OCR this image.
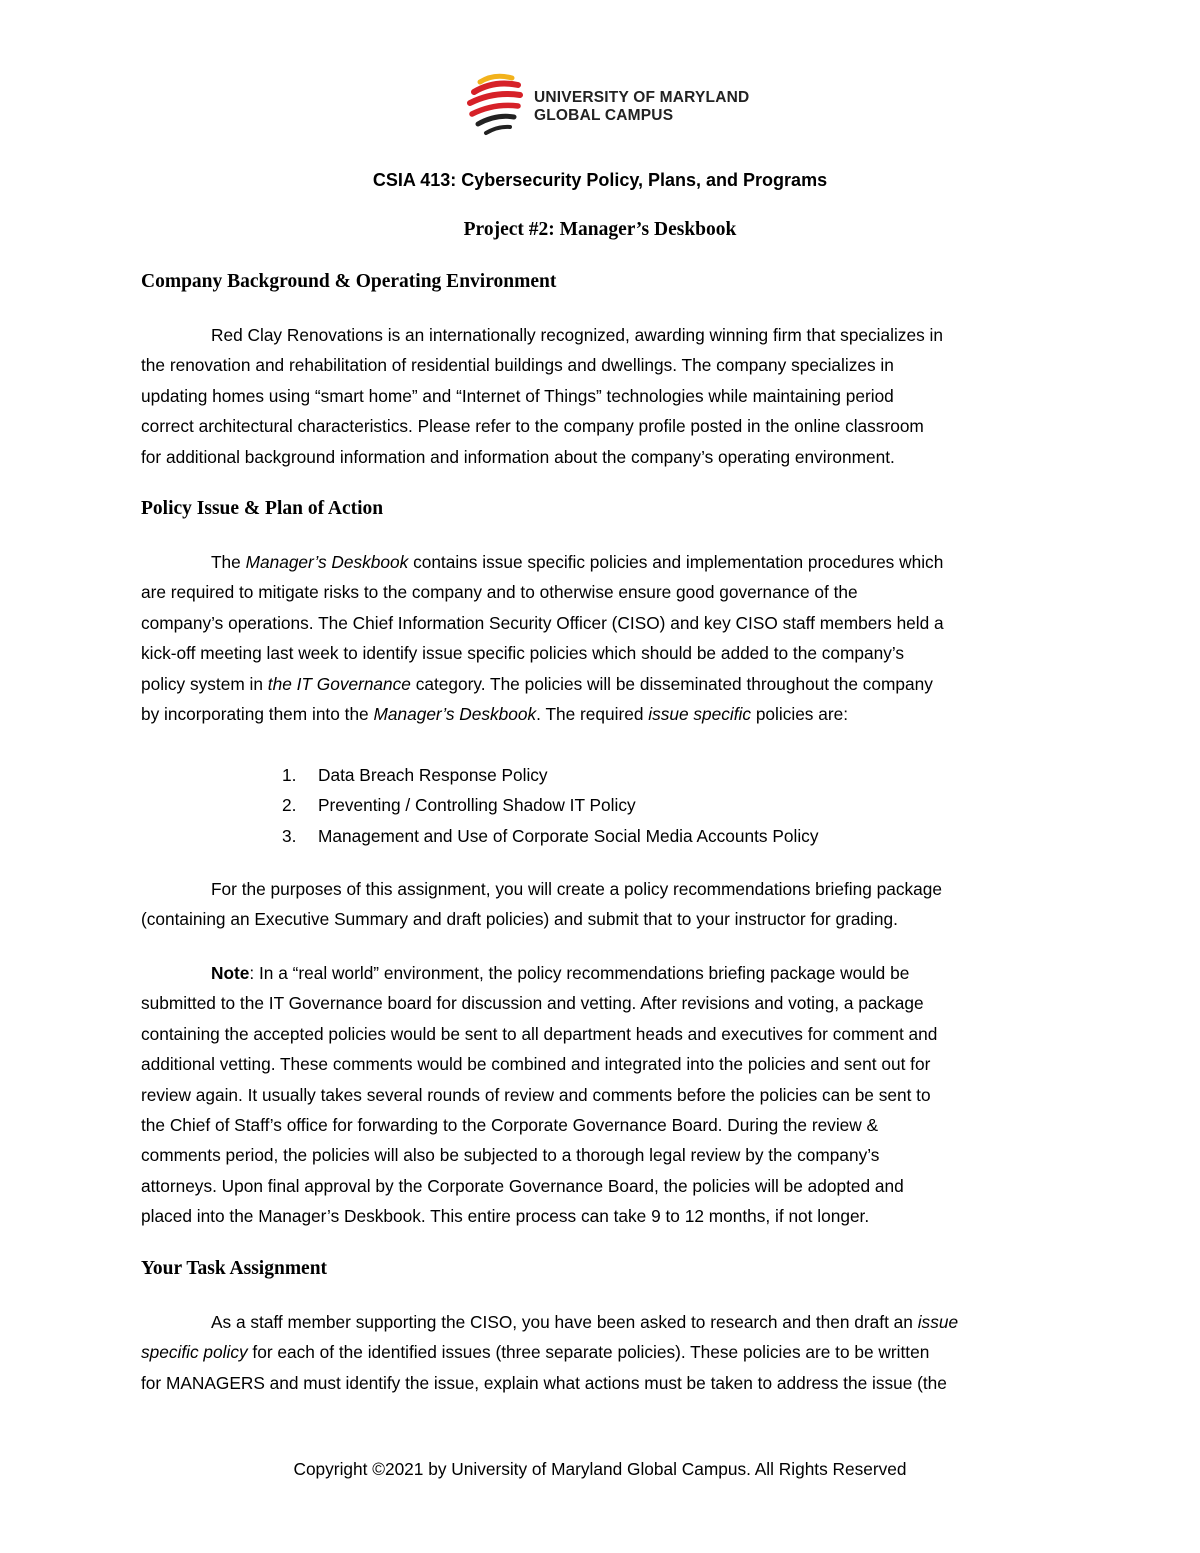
UNIVERSITY OF MARYLAND
GLOBAL CAMPUS
CSIA 413: Cybersecurity Policy, Plans, and Programs
Project #2: Manager’s Deskbook
Company Background & Operating Environment
Red Clay Renovations is an internationally recognized, awarding winning firm that specializes in
the renovation and rehabilitation of residential buildings and dwellings. The company specializes in
updating homes using “smart home” and “Internet of Things” technologies while maintaining period
correct architectural characteristics. Please refer to the company profile posted in the online classroom
for additional background information and information about the company’s operating environment.
Policy Issue & Plan of Action
The Manager’s Deskbook contains issue specific policies and implementation procedures which
are required to mitigate risks to the company and to otherwise ensure good governance of the
company’s operations. The Chief Information Security Officer (CISO) and key CISO staff members held a
kick-off meeting last week to identify issue specific policies which should be added to the company’s
policy system in the IT Governance category. The policies will be disseminated throughout the company
by incorporating them into the Manager’s Deskbook. The required issue specific policies are:
1. Data Breach Response Policy
2. Preventing / Controlling Shadow IT Policy
3. Management and Use of Corporate Social Media Accounts Policy
For the purposes of this assignment, you will create a policy recommendations briefing package
(containing an Executive Summary and draft policies) and submit that to your instructor for grading.
Note: In a “real world” environment, the policy recommendations briefing package would be
submitted to the IT Governance board for discussion and vetting. After revisions and voting, a package
containing the accepted policies would be sent to all department heads and executives for comment and
additional vetting. These comments would be combined and integrated into the policies and sent out for
review again. It usually takes several rounds of review and comments before the policies can be sent to
the Chief of Staff’s office for forwarding to the Corporate Governance Board. During the review &
comments period, the policies will also be subjected to a thorough legal review by the company’s
attorneys. Upon final approval by the Corporate Governance Board, the policies will be adopted and
placed into the Manager’s Deskbook. This entire process can take 9 to 12 months, if not longer.
Your Task Assignment
As a staff member supporting the CISO, you have been asked to research and then draft an issue
specific policy for each of the identified issues (three separate policies). These policies are to be written
for MANAGERS and must identify the issue, explain what actions must be taken to address the issue (the
Copyright ©2021 by University of Maryland Global Campus. All Rights Reserved
